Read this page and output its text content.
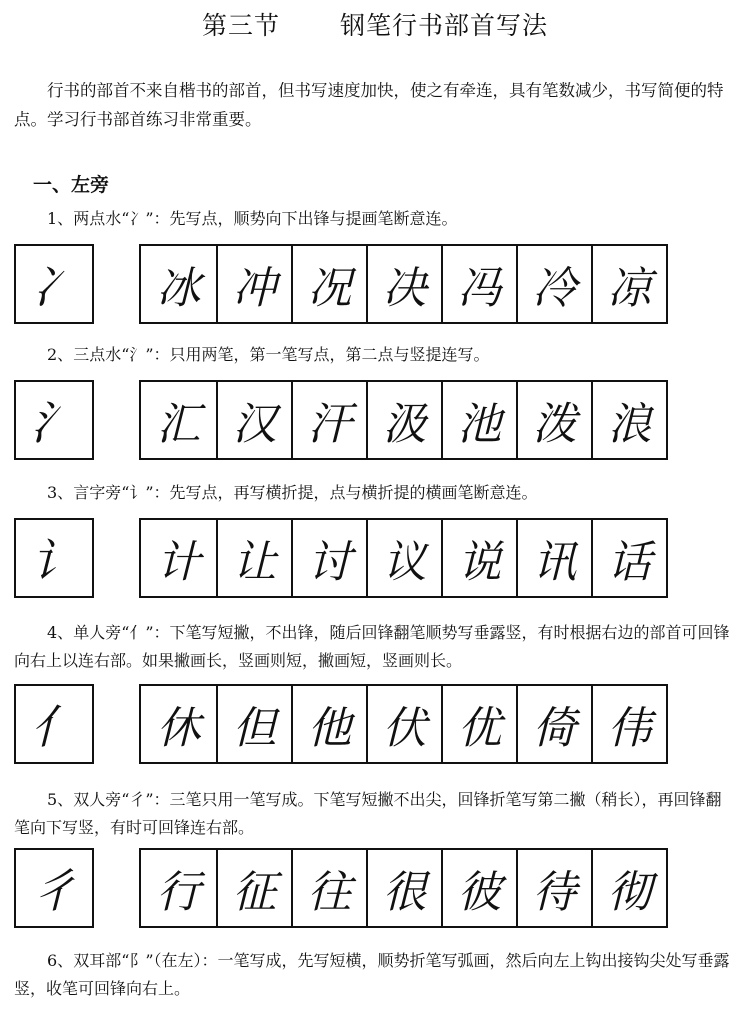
第三节 钢笔行书部首写法
行书的部首不来自楷书的部首，但书写速度加快，使之有牵连，具有笔数减少，书写简便的特点。学习行书部首练习非常重要。
一、左旁
1、两点水“冫”：先写点，顺势向下出锋与提画笔断意连。
冫	冰 冲 况 决 冯 冷 凉
2、三点水“氵”：只用两笔，第一笔写点，第二点与竖提连写。
氵	汇 汉 汗 汲 池 泼 浪
3、言字旁“讠”：先写点，再写横折提，点与横折提的横画笔断意连。
讠	计 让 讨 议 说 讯 话
4、单人旁“亻”：下笔写短撇，不出锋，随后回锋翻笔顺势写垂露竖，有时根据右边的部首可回锋向右上以连右部。如果撇画长，竖画则短，撇画短，竖画则长。
亻	休 但 他 伏 优 倚 伟
5、双人旁“彳”：三笔只用一笔写成。下笔写短撇不出尖，回锋折笔写第二撇（稍长），再回锋翻笔向下写竖，有时可回锋连右部。
彳	行 征 往 很 彼 待 彻
6、双耳部“阝”（在左）：一笔写成，先写短横，顺势折笔写弧画，然后向左上钩出接钩尖处写垂露竖，收笔可回锋向右上。
